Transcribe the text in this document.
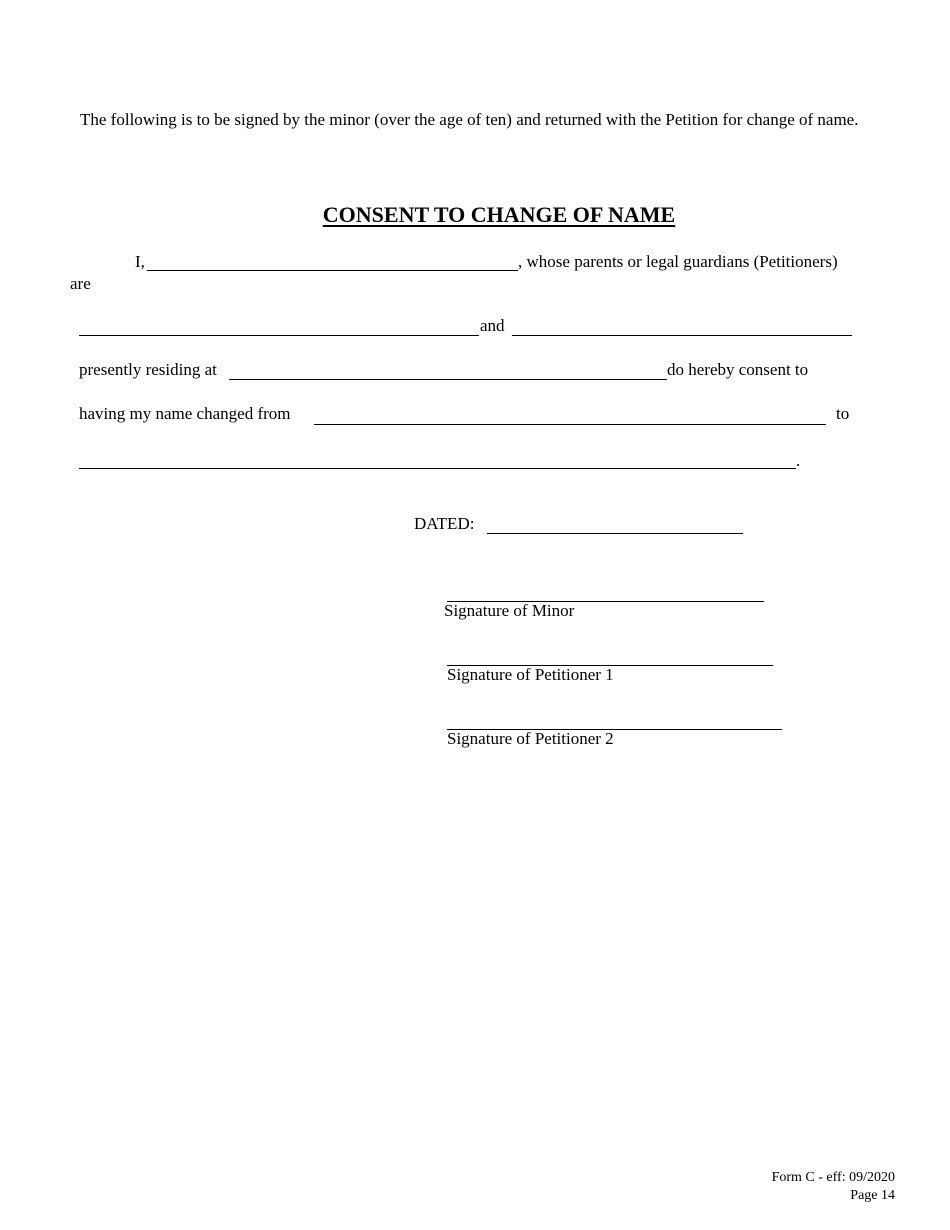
The following is to be signed by the minor (over the age of ten) and returned with the Petition for change of name.
CONSENT TO CHANGE OF NAME
I,	, whose parents or legal guardians (Petitioners)
are
and
presently residing at	do hereby consent to
having my name changed from	to
.
DATED:
Signature of Minor
Signature of Petitioner 1
Signature of Petitioner 2
Form C - eff: 09/2020
Page 14
